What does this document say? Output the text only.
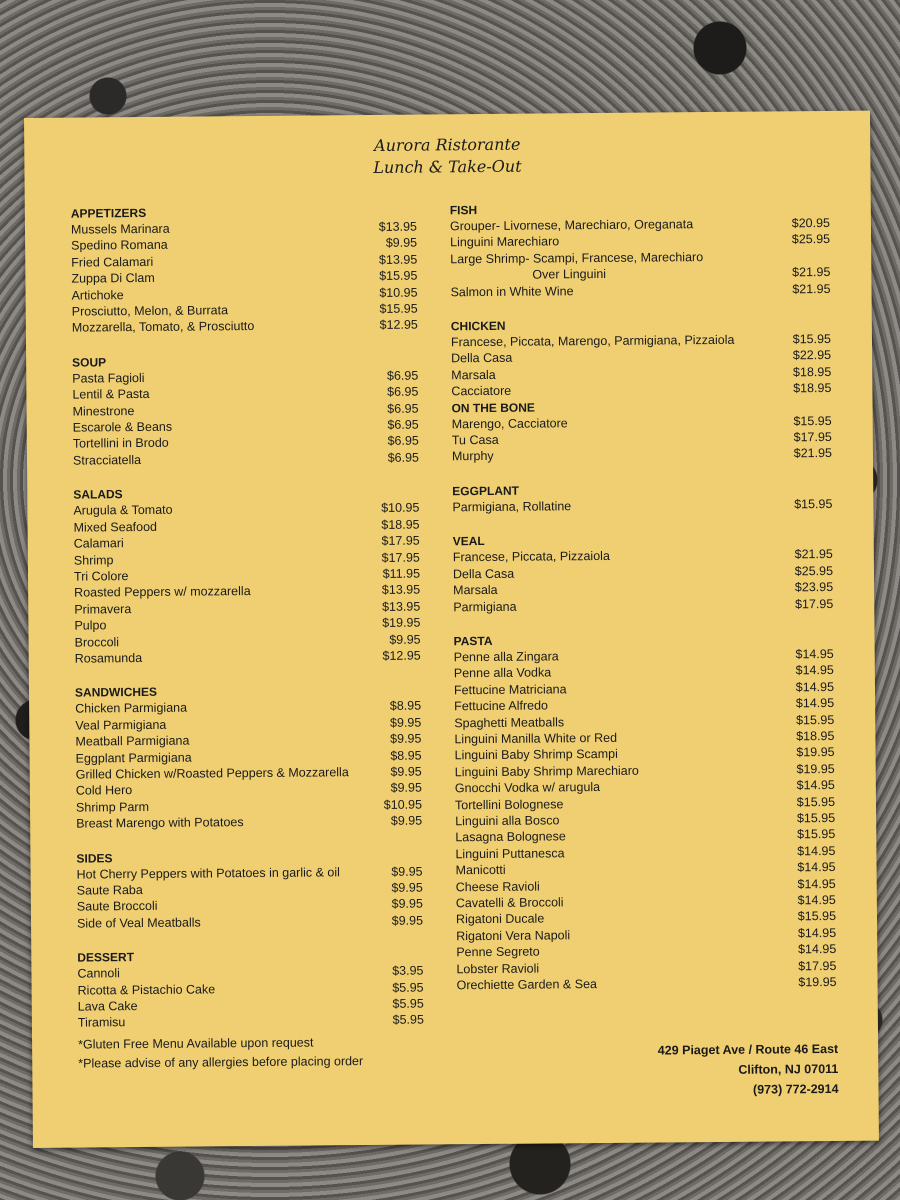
Aurora Ristorante
Lunch & Take-Out
APPETIZERS
Mussels Marinara	$13.95
Spedino Romana	$9.95
Fried Calamari	$13.95
Zuppa Di Clam	$15.95
Artichoke	$10.95
Prosciutto, Melon, & Burrata	$15.95
Mozzarella, Tomato, & Prosciutto	$12.95
SOUP
Pasta Fagioli	$6.95
Lentil & Pasta	$6.95
Minestrone	$6.95
Escarole & Beans	$6.95
Tortellini in Brodo	$6.95
Stracciatella	$6.95
SALADS
Arugula & Tomato	$10.95
Mixed Seafood	$18.95
Calamari	$17.95
Shrimp	$17.95
Tri Colore	$11.95
Roasted Peppers w/ mozzarella	$13.95
Primavera	$13.95
Pulpo	$19.95
Broccoli	$9.95
Rosamunda	$12.95
SANDWICHES
Chicken Parmigiana	$8.95
Veal Parmigiana	$9.95
Meatball Parmigiana	$9.95
Eggplant Parmigiana	$8.95
Grilled Chicken w/Roasted Peppers & Mozzarella	$9.95
Cold Hero	$9.95
Shrimp Parm	$10.95
Breast Marengo with Potatoes	$9.95
SIDES
Hot Cherry Peppers with Potatoes in garlic & oil	$9.95
Saute Raba	$9.95
Saute Broccoli	$9.95
Side of Veal Meatballs	$9.95
DESSERT
Cannoli	$3.95
Ricotta & Pistachio Cake	$5.95
Lava Cake	$5.95
Tiramisu	$5.95
*Gluten Free Menu Available upon request
*Please advise of any allergies before placing order
FISH
Grouper- Livornese, Marechiaro, Oreganata	$20.95
Linguini Marechiaro	$25.95
Large Shrimp- Scampi, Francese, Marechiaro
Over Linguini	$21.95
Salmon in White Wine	$21.95
CHICKEN
Francese, Piccata, Marengo, Parmigiana, Pizzaiola	$15.95
Della Casa	$22.95
Marsala	$18.95
Cacciatore	$18.95
ON THE BONE
Marengo, Cacciatore	$15.95
Tu Casa	$17.95
Murphy	$21.95
EGGPLANT
Parmigiana, Rollatine	$15.95
VEAL
Francese, Piccata, Pizzaiola	$21.95
Della Casa	$25.95
Marsala	$23.95
Parmigiana	$17.95
PASTA
Penne alla Zingara	$14.95
Penne alla Vodka	$14.95
Fettucine Matriciana	$14.95
Fettucine Alfredo	$14.95
Spaghetti Meatballs	$15.95
Linguini Manilla White or Red	$18.95
Linguini Baby Shrimp Scampi	$19.95
Linguini Baby Shrimp Marechiaro	$19.95
Gnocchi Vodka w/ arugula	$14.95
Tortellini Bolognese	$15.95
Linguini alla Bosco	$15.95
Lasagna Bolognese	$15.95
Linguini Puttanesca	$14.95
Manicotti	$14.95
Cheese Ravioli	$14.95
Cavatelli & Broccoli	$14.95
Rigatoni Ducale	$15.95
Rigatoni Vera Napoli	$14.95
Penne Segreto	$14.95
Lobster Ravioli	$17.95
Orechiette Garden & Sea	$19.95
429 Piaget Ave / Route 46 East
Clifton, NJ 07011
(973) 772-2914
